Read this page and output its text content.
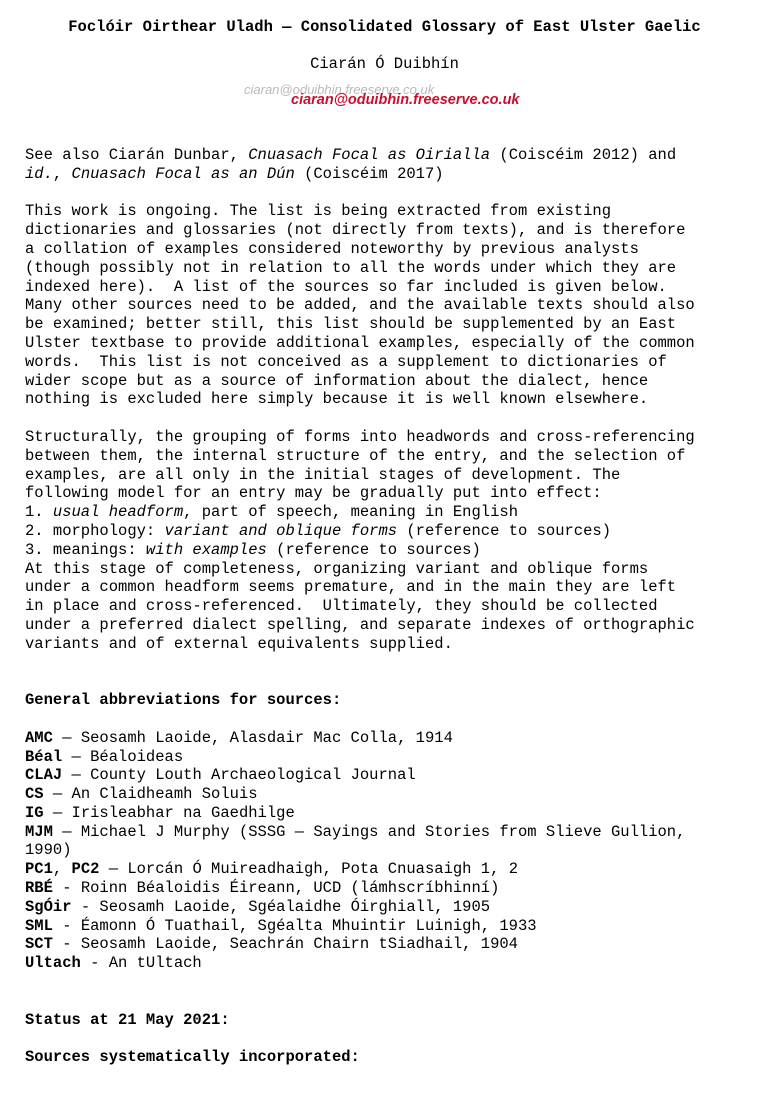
Foclóir Oirthear Uladh — Consolidated Glossary of East Ulster Gaelic
Ciarán Ó Duibhín
ciaran@oduibhin.freeserve.co.uk
ciaran@oduibhin.freeserve.co.uk

See also Ciarán Dunbar, Cnuasach Focal as Oirialla (Coiscéim 2012) and

id., Cnuasach Focal as an Dún (Coiscéim 2017)

This work is ongoing. The list is being extracted from existing

dictionaries and glossaries (not directly from texts), and is therefore

a collation of examples considered noteworthy by previous analysts

(though possibly not in relation to all the words under which they are

indexed here).  A list of the sources so far included is given below.

Many other sources need to be added, and the available texts should also

be examined; better still, this list should be supplemented by an East

Ulster textbase to provide additional examples, especially of the common

words.  This list is not conceived as a supplement to dictionaries of

wider scope but as a source of information about the dialect, hence

nothing is excluded here simply because it is well known elsewhere.

Structurally, the grouping of forms into headwords and cross-referencing

between them, the internal structure of the entry, and the selection of

examples, are all only in the initial stages of development. The

following model for an entry may be gradually put into effect:

1. usual headform, part of speech, meaning in English

2. morphology: variant and oblique forms (reference to sources)

3. meanings: with examples (reference to sources)

At this stage of completeness, organizing variant and oblique forms

under a common headform seems premature, and in the main they are left

in place and cross-referenced.  Ultimately, they should be collected

under a preferred dialect spelling, and separate indexes of orthographic

variants and of external equivalents supplied.

General abbreviations for sources:

AMC — Seosamh Laoide, Alasdair Mac Colla, 1914

Béal — Béaloideas

CLAJ — County Louth Archaeological Journal

CS — An Claidheamh Soluis

IG — Irisleabhar na Gaedhilge

MJM — Michael J Murphy (SSSG — Sayings and Stories from Slieve Gullion,

1990)

PC1, PC2 — Lorcán Ó Muireadhaigh, Pota Cnuasaigh 1, 2

RBÉ - Roinn Béaloidis Éireann, UCD (lámhscríbhinní)

SgÓir - Seosamh Laoide, Sgéalaidhe Óirghiall, 1905

SML - Éamonn Ó Tuathail, Sgéalta Mhuintir Luinigh, 1933

SCT - Seosamh Laoide, Seachrán Chairn tSiadhail, 1904

Ultach - An tUltach

Status at 21 May 2021:

Sources systematically incorporated:
